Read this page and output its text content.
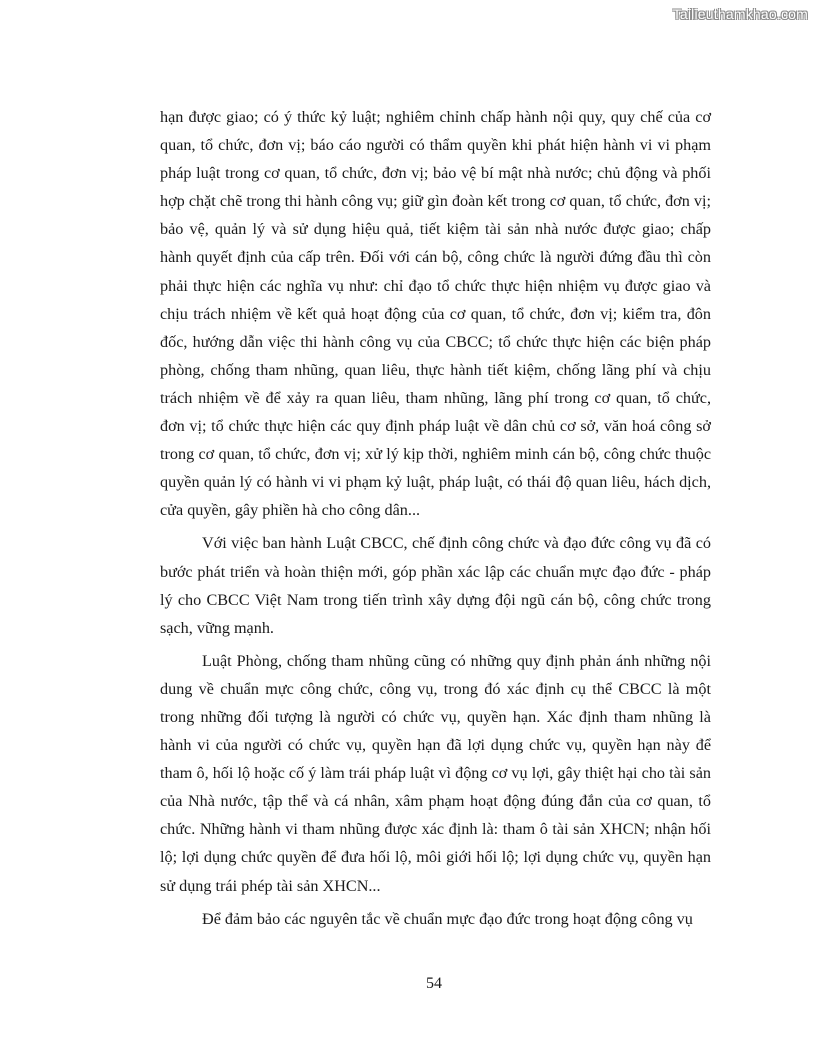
Tailieuthamkhao.com

hạn được giao; có ý thức kỷ luật; nghiêm chỉnh chấp hành nội quy, quy chế của cơ quan, tổ chức, đơn vị; báo cáo người có thẩm quyền khi phát hiện hành vi vi phạm pháp luật trong cơ quan, tổ chức, đơn vị; bảo vệ bí mật nhà nước; chủ động và phối hợp chặt chẽ trong thi hành công vụ; giữ gìn đoàn kết trong cơ quan, tổ chức, đơn vị; bảo vệ, quản lý và sử dụng hiệu quả, tiết kiệm tài sản nhà nước được giao; chấp hành quyết định của cấp trên. Đối với cán bộ, công chức là người đứng đầu thì còn phải thực hiện các nghĩa vụ như: chỉ đạo tổ chức thực hiện nhiệm vụ được giao và chịu trách nhiệm về kết quả hoạt động của cơ quan, tổ chức, đơn vị; kiểm tra, đôn đốc, hướng dẫn việc thi hành công vụ của CBCC; tổ chức thực hiện các biện pháp phòng, chống tham nhũng, quan liêu, thực hành tiết kiệm, chống lãng phí và chịu trách nhiệm về để xảy ra quan liêu, tham nhũng, lãng phí trong cơ quan, tổ chức, đơn vị; tổ chức thực hiện các quy định pháp luật về dân chủ cơ sở, văn hoá công sở trong cơ quan, tổ chức, đơn vị; xử lý kịp thời, nghiêm minh cán bộ, công chức thuộc quyền quản lý có hành vi vi phạm kỷ luật, pháp luật, có thái độ quan liêu, hách dịch, cửa quyền, gây phiền hà cho công dân...

Với việc ban hành Luật CBCC, chế định công chức và đạo đức công vụ đã có bước phát triển và hoàn thiện mới, góp phần xác lập các chuẩn mực đạo đức - pháp lý cho CBCC Việt Nam trong tiến trình xây dựng đội ngũ cán bộ, công chức trong sạch, vững mạnh.

Luật Phòng, chống tham nhũng cũng có những quy định phản ánh những nội dung về chuẩn mực công chức, công vụ, trong đó xác định cụ thể CBCC là một trong những đối tượng là người có chức vụ, quyền hạn. Xác định tham nhũng là hành vi của người có chức vụ, quyền hạn đã lợi dụng chức vụ, quyền hạn này để tham ô, hối lộ hoặc cố ý làm trái pháp luật vì động cơ vụ lợi, gây thiệt hại cho tài sản của Nhà nước, tập thể và cá nhân, xâm phạm hoạt động đúng đắn của cơ quan, tổ chức. Những hành vi tham nhũng được xác định là: tham ô tài sản XHCN; nhận hối lộ; lợi dụng chức quyền để đưa hối lộ, môi giới hối lộ; lợi dụng chức vụ, quyền hạn sử dụng trái phép tài sản XHCN...

Để đảm bảo các nguyên tắc về chuẩn mực đạo đức trong hoạt động công vụ

54
